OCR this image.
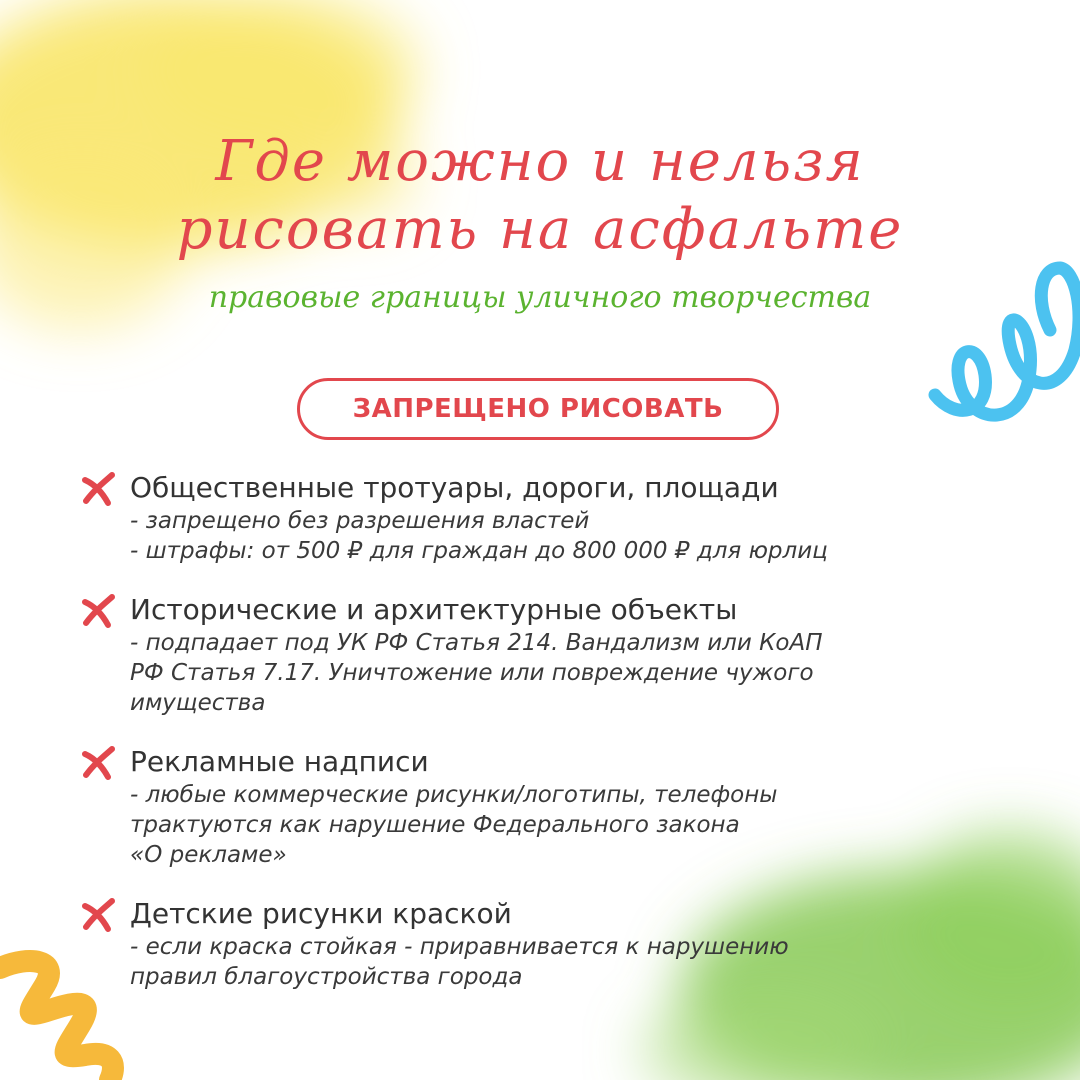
Где можно и нельзя
рисовать на асфальте

правовые границы уличного творчества

ЗАПРЕЩЕНО РИСОВАТЬ

Общественные тротуары, дороги, площади

- запрещено без разрешения властей
- штрафы: от 500 ₽ для граждан до 800 000 ₽ для юрлиц

Исторические и архитектурные объекты

- подпадает под УК РФ Статья 214. Вандализм или КоАП
РФ Статья 7.17. Уничтожение или повреждение чужого
имущества

Рекламные надписи

- любые коммерческие рисунки/логотипы, телефоны
трактуются как нарушение Федерального закона
«О рекламе»

Детские рисунки краской

- если краска стойкая - приравнивается к нарушению
правил благоустройства города
